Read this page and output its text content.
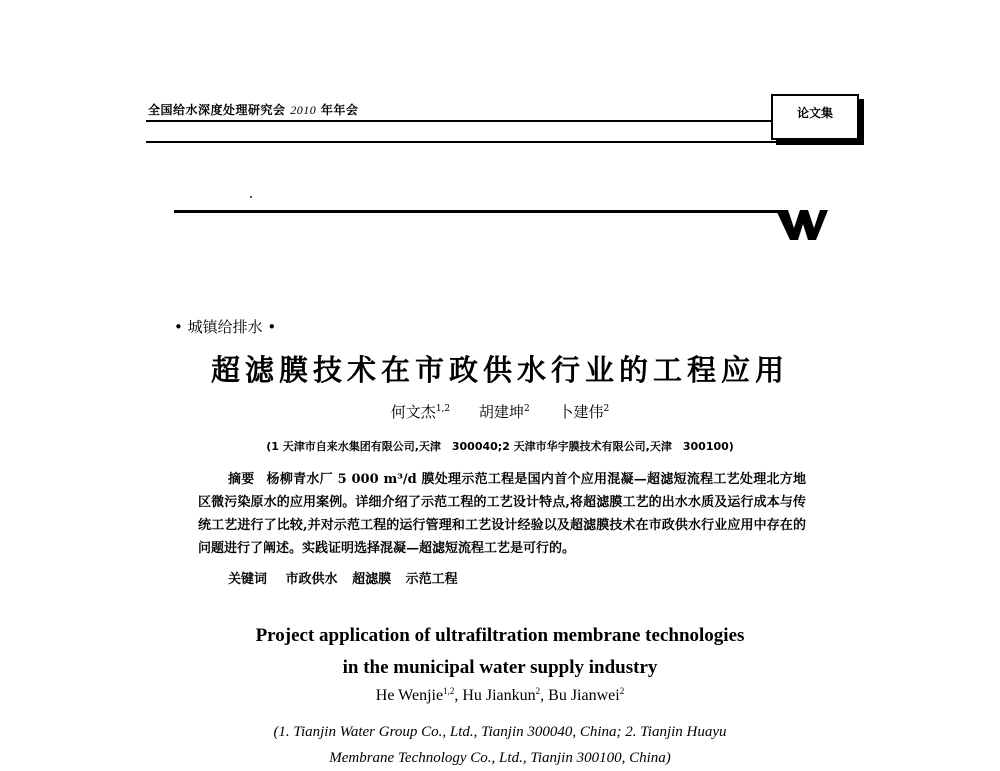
全国给水深度处理研究会 2010 年年会	论文集
• 城镇给排水 •
超滤膜技术在市政供水行业的工程应用
何文杰$^{1,2}$ 胡建坤$^2$ 卜建伟$^2$
(1 天津市自来水集团有限公司,天津　300040;2 天津市华宇膜技术有限公司,天津　300100)
摘要 杨柳青水厂 5 000 m³/d 膜处理示范工程是国内首个应用混凝—超滤短流程工艺处理北方地区微污染原水的应用案例。详细介绍了示范工程的工艺设计特点,将超滤膜工艺的出水水质及运行成本与传统工艺进行了比较,并对示范工程的运行管理和工艺设计经验以及超滤膜技术在市政供水行业应用中存在的问题进行了阐述。实践证明选择混凝—超滤短流程工艺是可行的。
关键词 市政供水 超滤膜 示范工程
Project application of ultrafiltration membrane technologies
in the municipal water supply industry
He Wenjie$^{1,2}$, Hu Jiankun$^2$, Bu Jianwei$^2$
(1. Tianjin Water Group Co., Ltd., Tianjin 300040, China; 2. Tianjin Huayu
Membrane Technology Co., Ltd., Tianjin 300100, China)
